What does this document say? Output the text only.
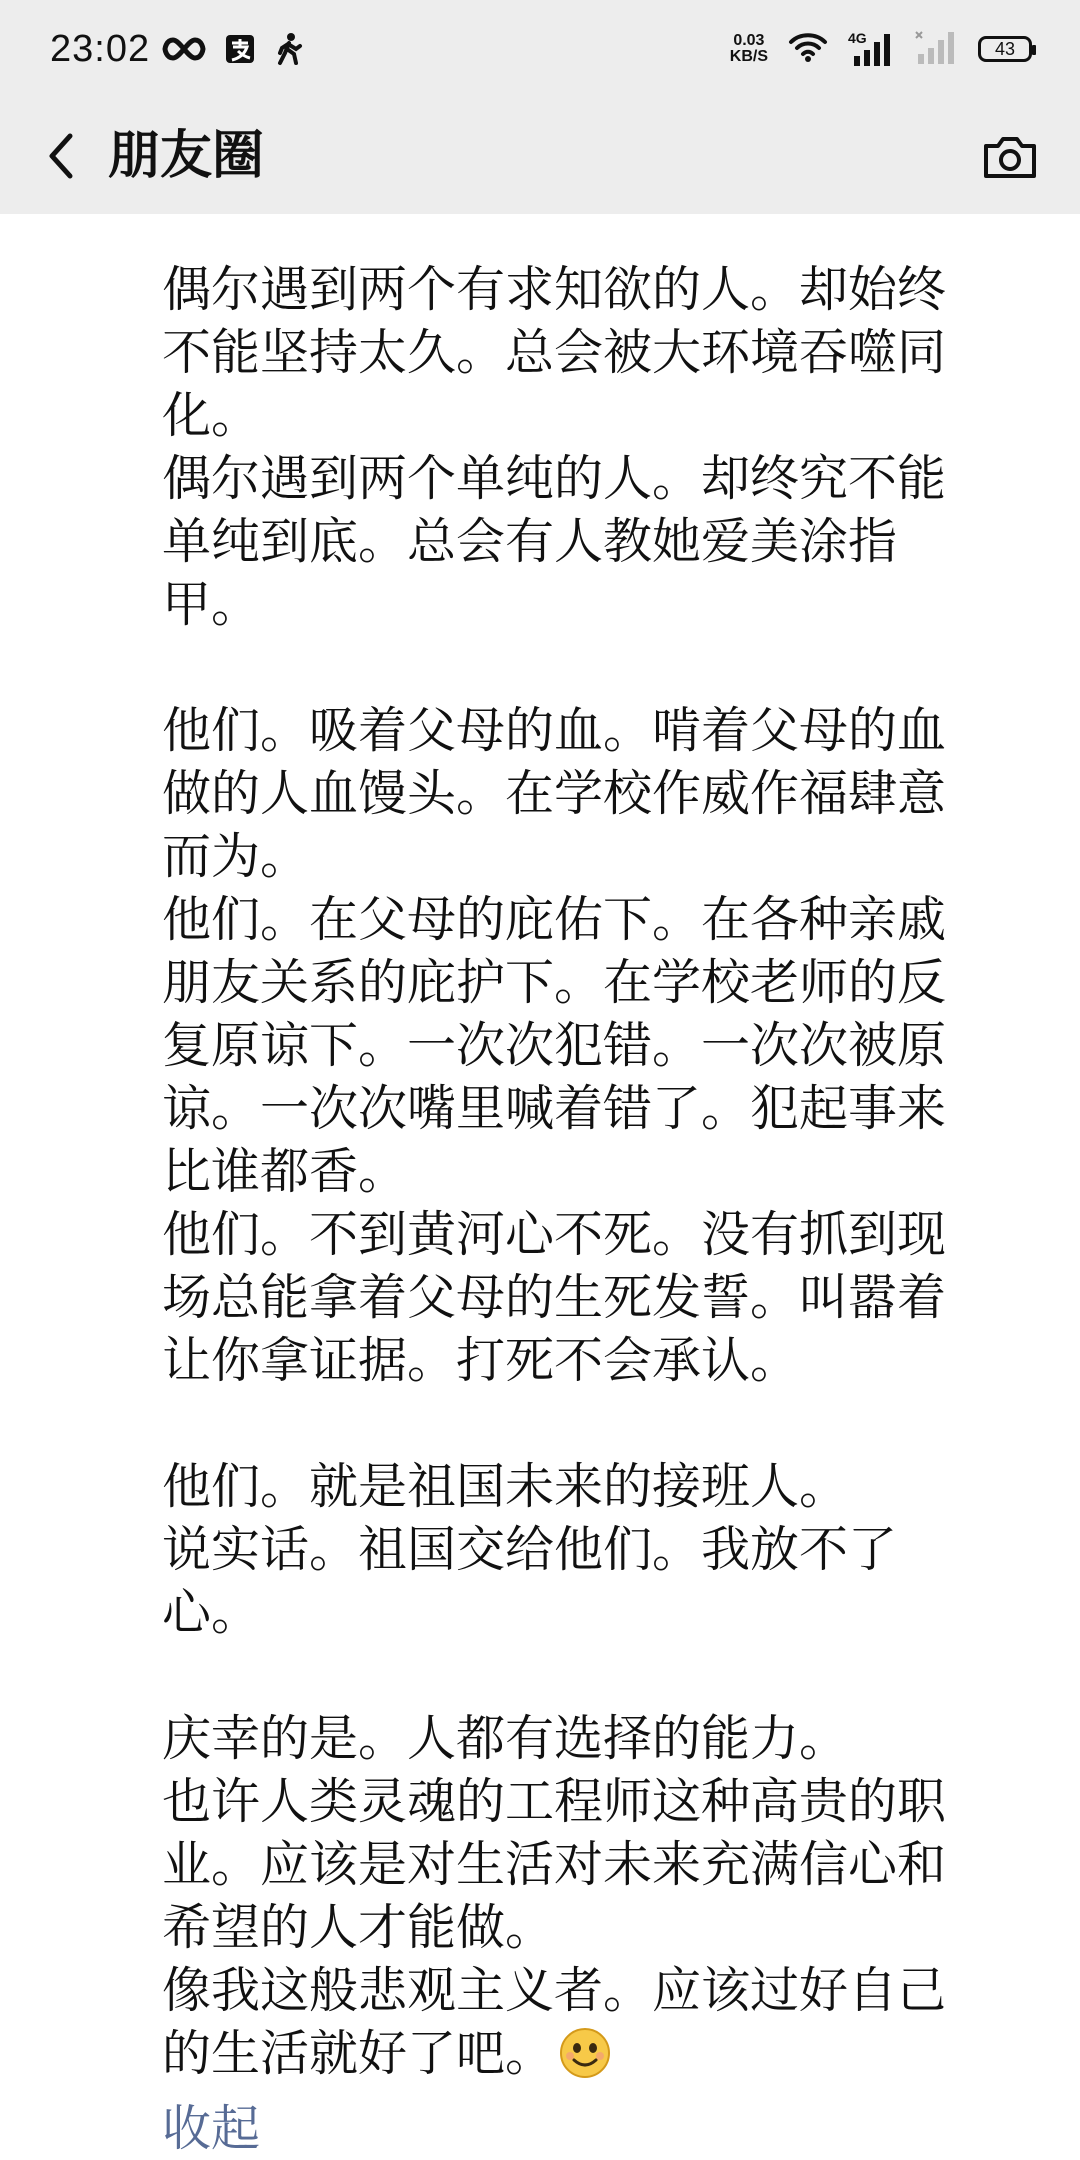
23:02	0.03
KB/S
4G
43
朋友圈

偶尔遇到两个有求知欲的人。却始终不能坚持太久。总会被大环境吞噬同化。
偶尔遇到两个单纯的人。却终究不能单纯到底。总会有人教她爱美涂指甲。

他们。吸着父母的血。啃着父母的血做的人血馒头。在学校作威作福肆意而为。
他们。在父母的庇佑下。在各种亲戚朋友关系的庇护下。在学校老师的反复原谅下。一次次犯错。一次次被原谅。一次次嘴里喊着错了。犯起事来比谁都香。
他们。不到黄河心不死。没有抓到现场总能拿着父母的生死发誓。叫嚣着让你拿证据。打死不会承认。

他们。就是祖国未来的接班人。
说实话。祖国交给他们。我放不了心。

庆幸的是。人都有选择的能力。
也许人类灵魂的工程师这种高贵的职业。应该是对生活对未来充满信心和希望的人才能做。
像我这般悲观主义者。应该过好自己的生活就好了吧。

收起
